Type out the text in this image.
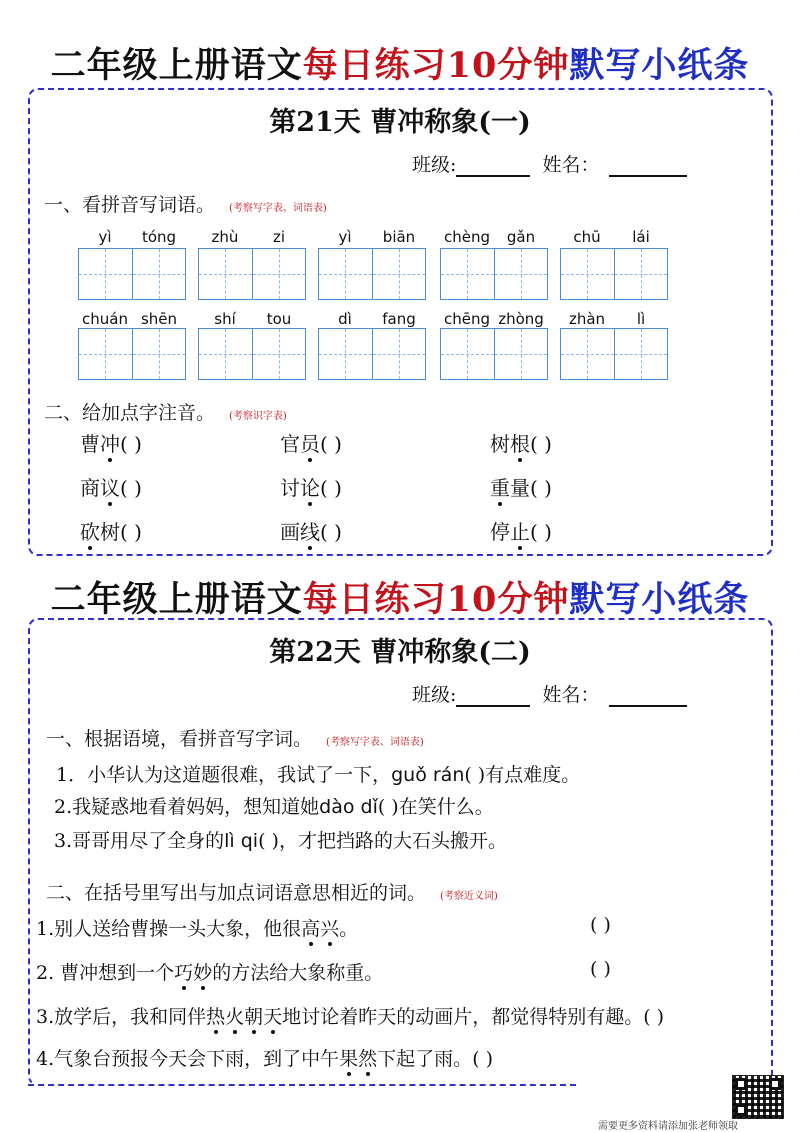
二年级上册语文每日练习10分钟默写小纸条
第21天 曹冲称象(一)
班级:	姓名：
一、看拼音写词语。 (考察写字表、词语表)
yì tóng	zhù zi	yì biān	chèng gǎn	chū lái
chuán shēn	shí tou	dì fang	chēng zhòng	zhàn lì
二、给加点字注音。 (考察识字表)
曹冲( )	官员( )	树根( )
商议( )	讨论( )	重量( )
砍树( )	画线( )	停止( )
二年级上册语文每日练习10分钟默写小纸条
第22天 曹冲称象(二)
班级:	姓名：
一、根据语境，看拼音写字词。 (考察写字表、词语表)
1．小华认为这道题很难，我试了一下，guǒ rán( )有点难度。
2.我疑惑地看着妈妈，想知道她dào dǐ( )在笑什么。
3.哥哥用尽了全身的lì qi( )，才把挡路的大石头搬开。
二、在括号里写出与加点词语意思相近的词。 (考察近义词)
1.别人送给曹操一头大象，他很高兴。	( )
2. 曹冲想到一个巧妙的方法给大象称重。	( )
3.放学后，我和同伴热火朝天地讨论着昨天的动画片，都觉得特别有趣。( )
4.气象台预报今天会下雨，到了中午果然下起了雨。( )
需要更多资料请添加张老师领取
